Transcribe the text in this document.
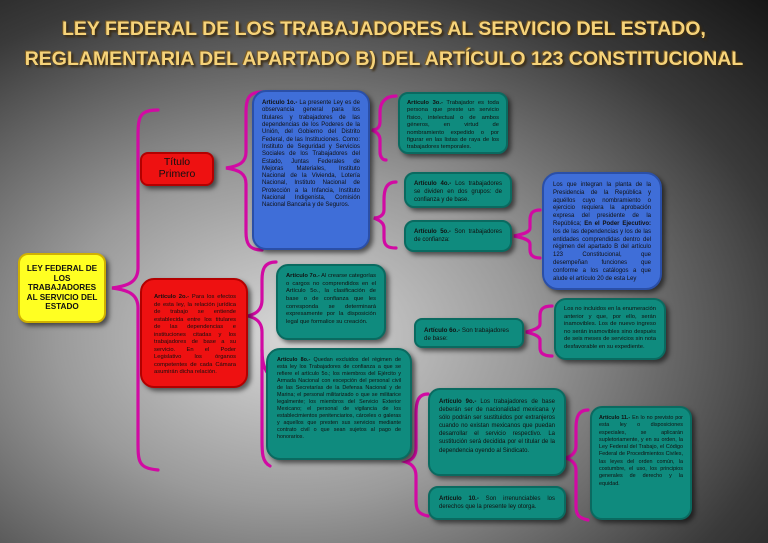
LEY FEDERAL DE LOS TRABAJADORES AL SERVICIO DEL ESTADO,
REGLAMENTARIA DEL APARTADO B) DEL ARTÍCULO 123 CONSTITUCIONAL
LEY FEDERAL DE LOS TRABAJADORES AL SERVICIO DEL ESTADO
Título Primero
Artículo 2o.- Para los efectos de esta ley, la relación jurídica de trabajo se entiende establecida entre los titulares de las dependencias e instituciones citadas y los trabajadores de base a su servicio. En el Poder Legislativo los órganos competentes de cada Cámara asumirán dicha relación.
Articulo 1o.- La presente Ley es de observancia general para los titulares y trabajadores de las dependencias de los Poderes de la Unión, del Gobierno del Distrito Federal, de las Instituciones. Como: Instituto de Seguridad y Servicios Sociales de los Trabajadores del Estado, Juntas Federales de Mejoras Materiales, Instituto Nacional de la Vivienda, Lotería Nacional, Instituto Nacional de Protección a la Infancia, Instituto Nacional Indigenista, Comisión Nacional Bancaria y de Seguros.
Artículo 3o.- Trabajador es toda persona que preste un servicio físico, intelectual o de ambos géneros, en virtud de nombramiento expedido o por figurar en las listas de raya de los trabajadores temporales.
Artículo 4o.- Los trabajadores se dividen en dos grupos: de confianza y de base.
Artículo 5o.- Son trabajadores de confianza:
Los que integran la planta de la Presidencia de la República y aquéllos cuyo nombramiento o ejercicio requiera la aprobación expresa del presidente de la República; En el Poder Ejecutivo: los de las dependencias y los de las entidades comprendidas dentro del régimen del apartado B del artículo 123 Constitucional, que desempeñan funciones que conforme a los catálogos a que alude el artículo 20 de esta Ley
Artículo 7o.- Al crearse categorías o cargos no comprendidos en el Artículo 5o., la clasificación de base o de confianza que les corresponda se determinará expresamente por la disposición legal que formalice su creación.
Artículo 6o.- Son trabajadores de base:
Los no incluidos en la enumeración anterior y que, por ello, serán inamovibles. Los de nuevo ingreso no serán inamovibles sino después de seis meses de servicios sin nota desfavorable en su expediente.
Artículo 8o.- Quedan excluidos del régimen de esta ley los Trabajadores de confianza a que se refiere el artículo 5o.; los miembros del Ejército y Armada Nacional con excepción del personal civil de las Secretarías de la Defensa Nacional y de Marina; el personal militarizado o que se militarice legalmente; los miembros del Servicio Exterior Mexicano; el personal de vigilancia de los establecimientos penitenciarios, cárceles o galeras y aquellos que presten sus servicios mediante contrato civil o que sean sujetos al pago de honorarios.
Artículo 9o.- Los trabajadores de base deberán ser de nacionalidad mexicana y sólo podrán ser sustituidos por extranjeros cuando no existan mexicanos que puedan desarrollar el servicio respectivo. La sustitución será decidida por el titular de la dependencia oyendo al Sindicato.
Artículo 10.- Son irrenunciables los derechos que la presente ley otorga.
Artículo 11.- En lo no previsto por esta ley o disposiciones especiales, se aplicarán supletoriamente, y en su orden, la Ley Federal del Trabajo, el Código Federal de Procedimientos Civiles, las leyes del orden común, la costumbre, el uso, los principios generales de derecho y la equidad.
